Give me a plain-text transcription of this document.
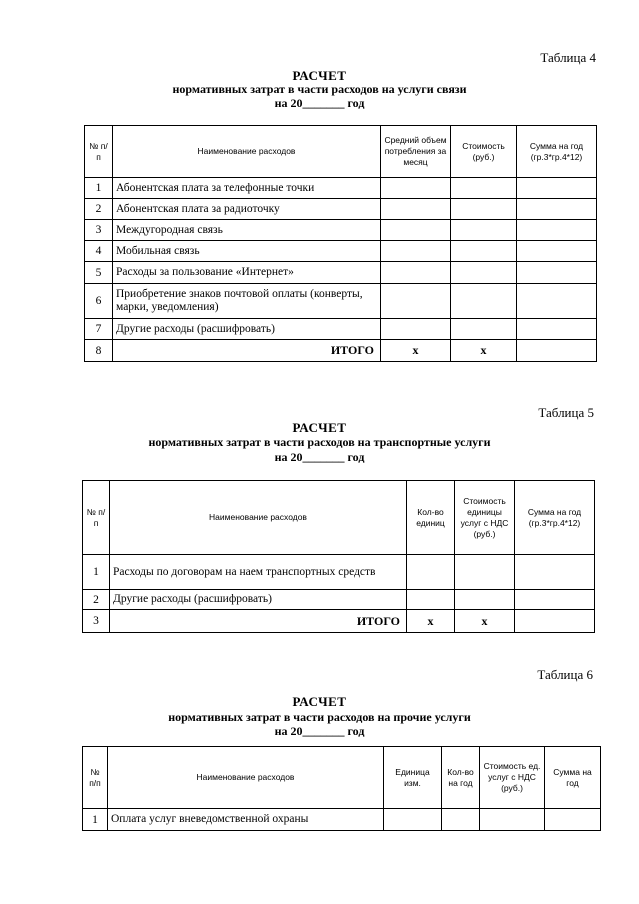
Таблица 4
РАСЧЕТ
нормативных затрат в части расходов на услуги связи
на 20_______ год
№ п/п	Наименование расходов	Средний объем потребления за месяц	Стоимость (руб.)	Сумма на год (гр.3*гр.4*12)
1	Абонентская плата за телефонные точки			
2	Абонентская плата за радиоточку			
3	Междугородная связь			
4	Мобильная связь			
5	Расходы за пользование «Интернет»			
6	Приобретение знаков почтовой оплаты (конверты, марки, уведомления)			
7	Другие расходы (расшифровать)			
8	ИТОГО	х	х	
Таблица 5
РАСЧЕТ
нормативных затрат в части расходов на транспортные услуги
на 20_______ год
№ п/п	Наименование расходов	Кол-во единиц	Стоимость единицы услуг с НДС (руб.)	Сумма на год (гр.3*гр.4*12)
1	Расходы по договорам на наем транспортных средств			
2	Другие расходы (расшифровать)			
3	ИТОГО	х	х	
Таблица 6
РАСЧЕТ
нормативных затрат в части расходов на прочие услуги
на 20_______ год
№ п/п	Наименование расходов	Единица изм.	Кол-во на год	Стоимость ед. услуг с НДС (руб.)	Сумма на год
1	Оплата услуг вневедомственной охраны				
